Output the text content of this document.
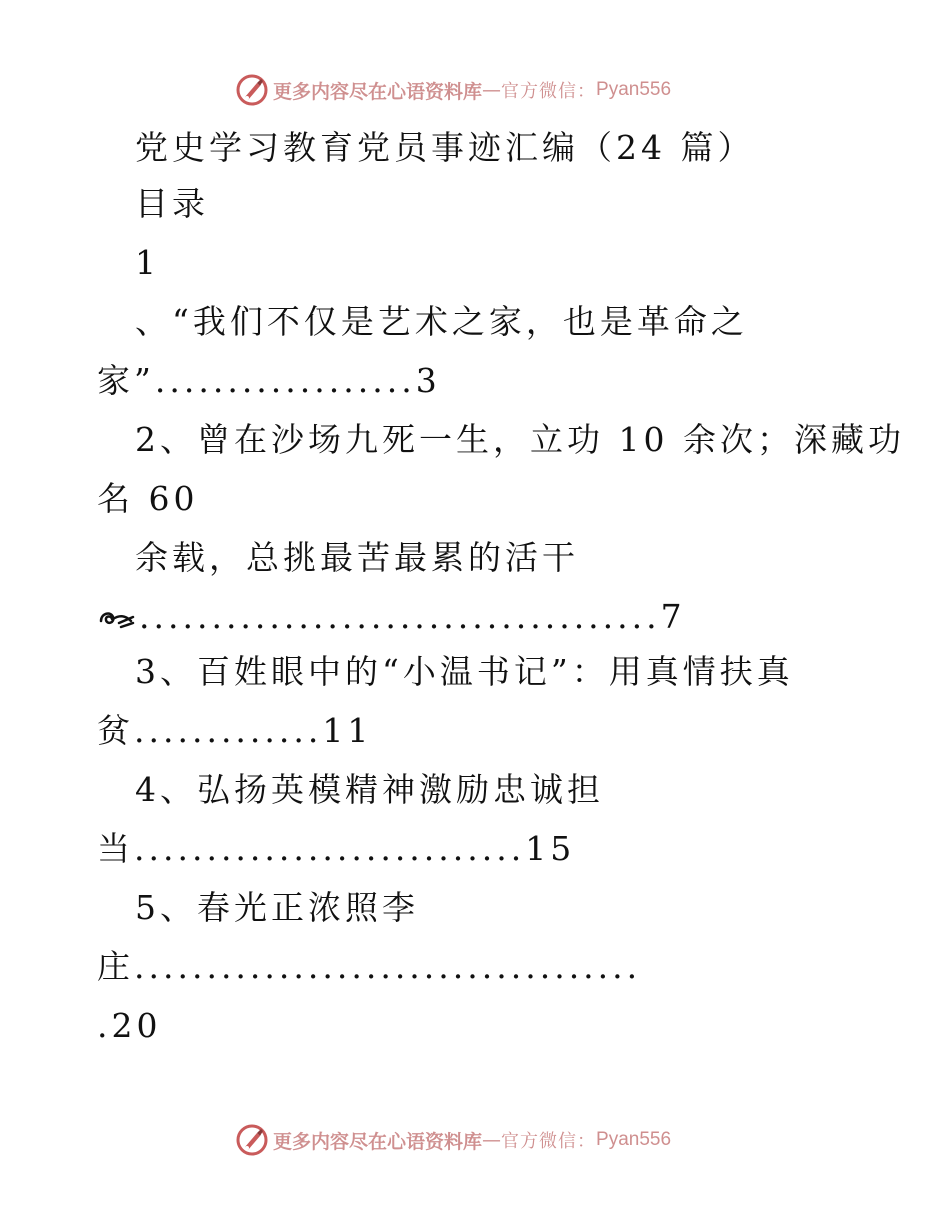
更多内容尽在心语资料库 — 官方微信： Pyan556
党史学习教育党员事迹汇编（24 篇）
目录
1
、“我们不仅是艺术之家，也是革命之
家”..................3
2、曾在沙场九死一生，立功 10 余次；深藏功
名 60
余载，总挑最苦最累的活干
....................................7
3、百姓眼中的“小温书记”：用真情扶真
贫.............11
4、弘扬英模精神激励忠诚担
当...........................15
5、春光正浓照李
庄...................................
.20
更多内容尽在心语资料库 — 官方微信： Pyan556
